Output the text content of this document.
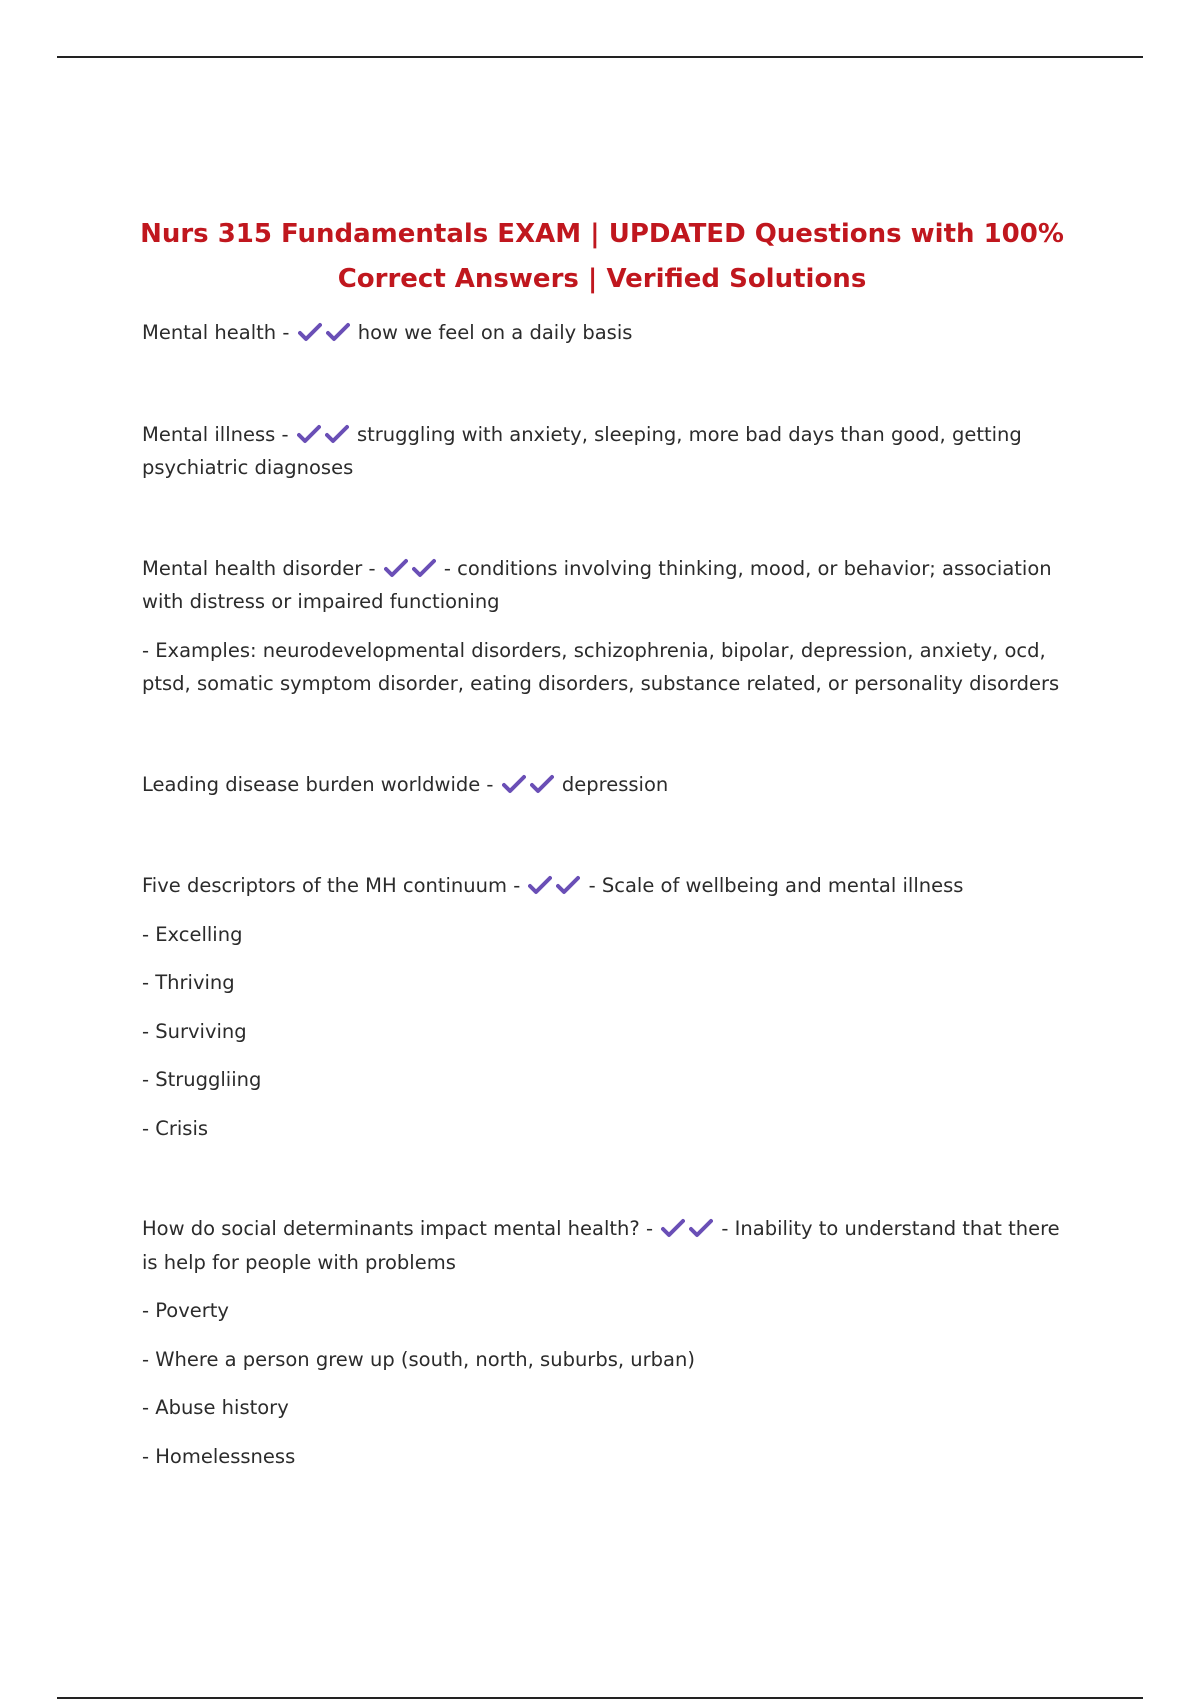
Nurs 315 Fundamentals EXAM | UPDATED Questions with 100%
Correct Answers | Verified Solutions

Mental health -	how we feel on a daily basis

Mental illness -	struggling with anxiety, sleeping, more bad days than good, getting psychiatric diagnoses

Mental health disorder -	- conditions involving thinking, mood, or behavior; association with distress or impaired functioning

- Examples: neurodevelopmental disorders, schizophrenia, bipolar, depression, anxiety, ocd, ptsd, somatic symptom disorder, eating disorders, substance related, or personality disorders

Leading disease burden worldwide -	depression

Five descriptors of the MH continuum -	- Scale of wellbeing and mental illness

- Excelling

- Thriving

- Surviving

- Struggliing

- Crisis

How do social determinants impact mental health? -	- Inability to understand that there is help for people with problems

- Poverty

- Where a person grew up (south, north, suburbs, urban)

- Abuse history

- Homelessness
